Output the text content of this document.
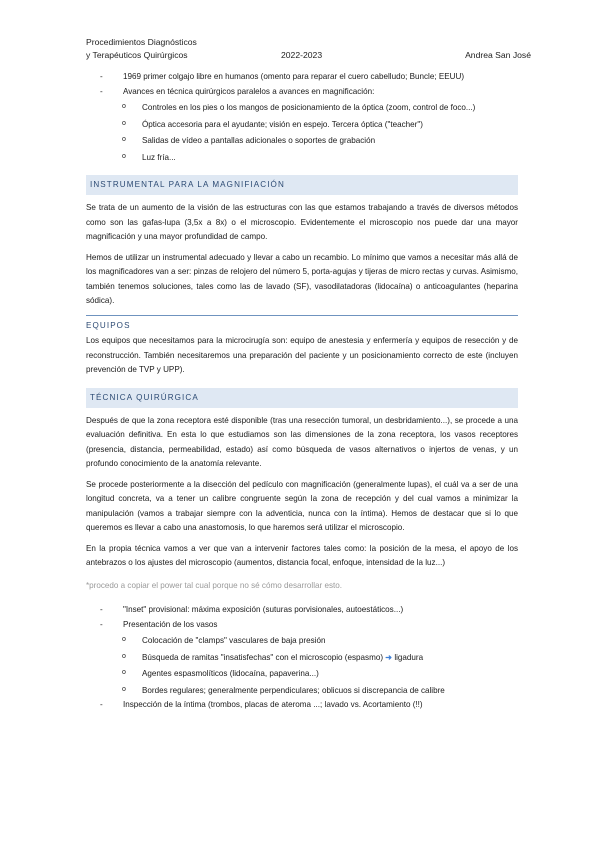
Procedimientos Diagnósticos
y Terapéuticos Quirúrgicos	2022-2023	Andrea San José
- 1969 primer colgajo libre en humanos (omento para reparar el cuero cabelludo; Buncle; EEUU)
- Avances en técnica quirúrgicos paralelos a avances en magnificación:
o Controles en los pies o los mangos de posicionamiento de la óptica (zoom, control de foco...)
o Óptica accesoria para el ayudante; visión en espejo. Tercera óptica ("teacher")
o Salidas de vídeo a pantallas adicionales o soportes de grabación
o Luz fría...
INSTRUMENTAL PARA LA MAGNIFIACIÓN

Se trata de un aumento de la visión de las estructuras con las que estamos trabajando a través de diversos métodos como son las gafas-lupa (3,5x a 8x) o el microscopio. Evidentemente el microscopio nos puede dar una mayor magnificación y una mayor profundidad de campo.

Hemos de utilizar un instrumental adecuado y llevar a cabo un recambio. Lo mínimo que vamos a necesitar más allá de los magnificadores van a ser: pinzas de relojero del número 5, porta-agujas y tijeras de micro rectas y curvas. Asimismo, también tenemos soluciones, tales como las de lavado (SF), vasodilatadoras (lidocaína) o anticoagulantes (heparina sódica).

EQUIPOS

Los equipos que necesitamos para la microcirugía son: equipo de anestesia y enfermería y equipos de resección y de reconstrucción. También necesitaremos una preparación del paciente y un posicionamiento correcto de este (incluyen prevención de TVP y UPP).

TÉCNICA QUIRÚRGICA

Después de que la zona receptora esté disponible (tras una resección tumoral, un desbridamiento...), se procede a una evaluación definitiva. En esta lo que estudiamos son las dimensiones de la zona receptora, los vasos receptores (presencia, distancia, permeabilidad, estado) así como búsqueda de vasos alternativos o injertos de venas, y un profundo conocimiento de la anatomía relevante.

Se procede posteriormente a la disección del pedículo con magnificación (generalmente lupas), el cuál va a ser de una longitud concreta, va a tener un calibre congruente según la zona de recepción y del cual vamos a minimizar la manipulación (vamos a trabajar siempre con la adventicia, nunca con la íntima). Hemos de destacar que si lo que queremos es llevar a cabo una anastomosis, lo que haremos será utilizar el microscopio.

En la propia técnica vamos a ver que van a intervenir factores tales como: la posición de la mesa, el apoyo de los antebrazos o los ajustes del microscopio (aumentos, distancia focal, enfoque, intensidad de la luz...)

*procedo a copiar el power tal cual porque no sé cómo desarrollar esto.
- "Inset" provisional: máxima exposición (suturas porvisionales, autoestáticos...)
- Presentación de los vasos
o Colocación de "clamps" vasculares de baja presión
o Búsqueda de ramitas "insatisfechas" con el microscopio (espasmo) ➜ ligadura
o Agentes espasmolíticos (lidocaína, papaverina...)
o Bordes regulares; generalmente perpendiculares; oblicuos si discrepancia de calibre
- Inspección de la íntima (trombos, placas de ateroma ...; lavado vs. Acortamiento (!!)
